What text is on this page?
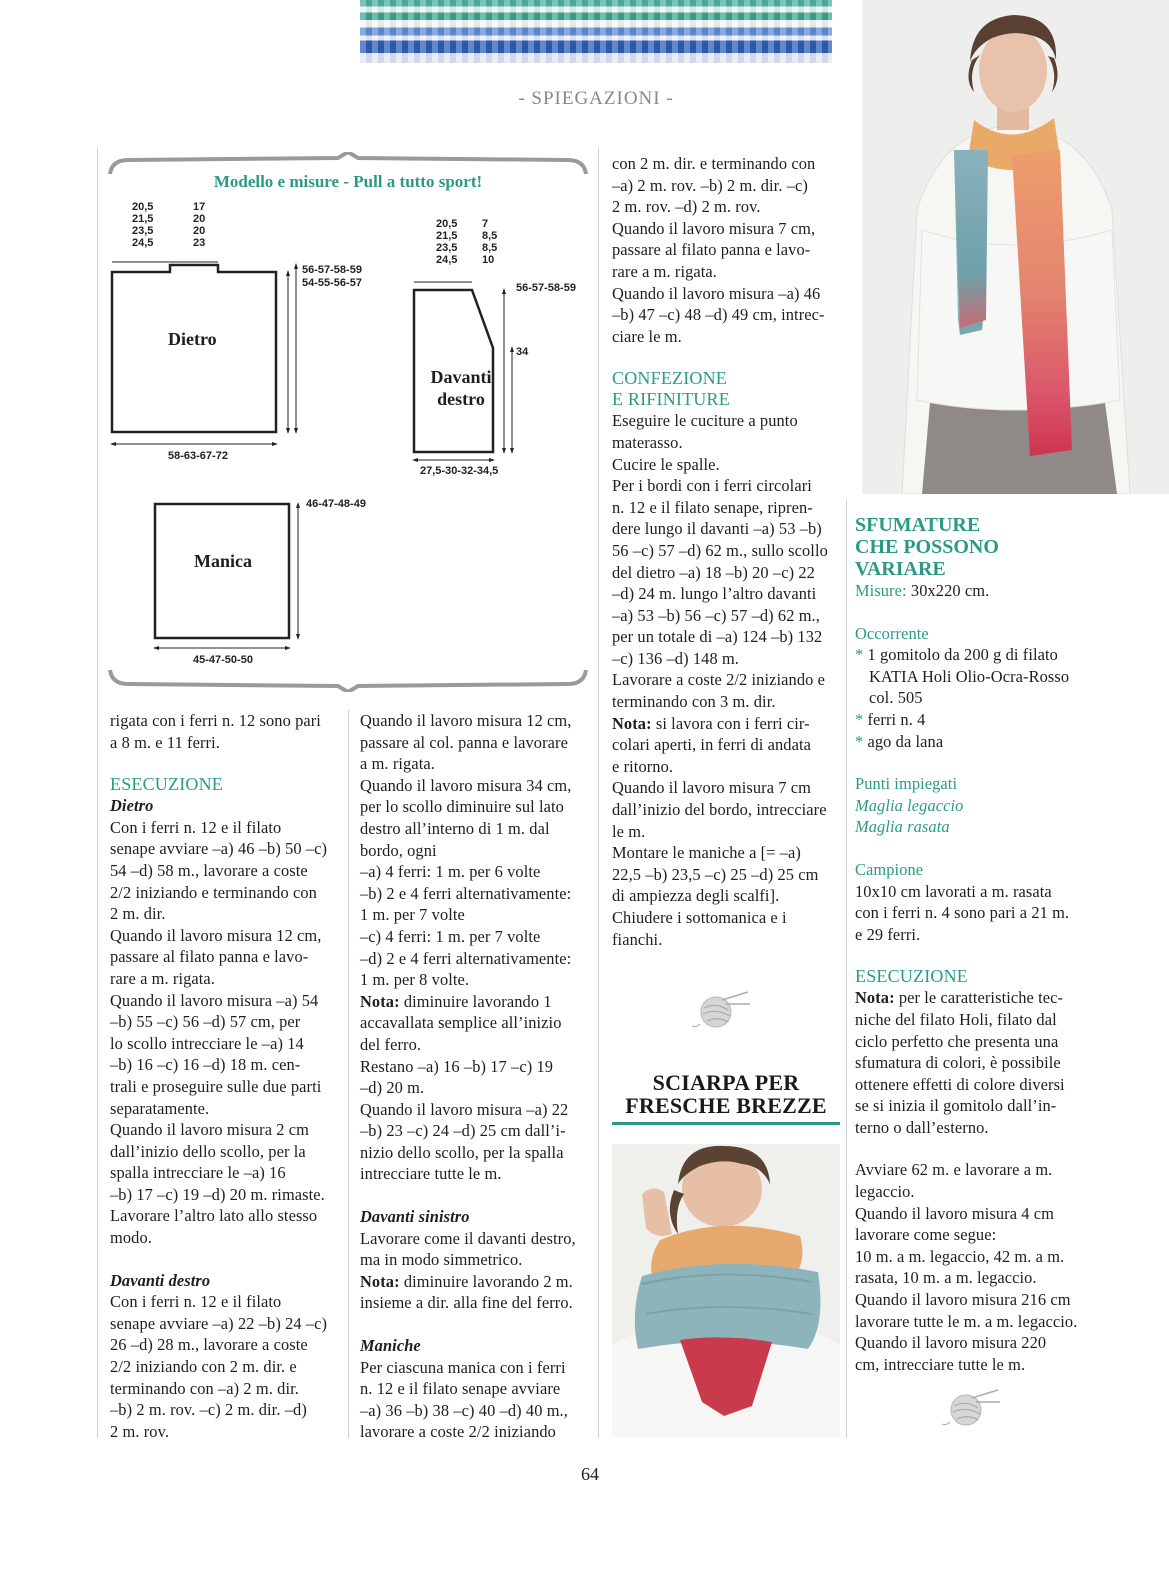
- SPIEGAZIONI -
Modello e misure - Pull a tutto sport!
20,5
21,5
23,5
24,5
17
20
20
23
56-57-58-59
54-55-56-57
Dietro
58-63-67-72
20,5
21,5
23,5
24,5
7
8,5
8,5
10
56-57-58-59
34
Davanti
destro
27,5-30-32-34,5
46-47-48-49
Manica
45-47-50-50

rigata con i ferri n. 12 sono pari

a 8 m. e 11 ferri.

ESECUZIONE

Dietro

Con i ferri n. 12 e il filato

senape avviare –a) 46 –b) 50 –c)

54 –d) 58 m., lavorare a coste

2/2 iniziando e terminando con

2 m. dir.

Quando il lavoro misura 12 cm,

passare al filato panna e lavo-

rare a m. rigata.

Quando il lavoro misura –a) 54

–b) 55 –c) 56 –d) 57 cm, per

lo scollo intrecciare le –a) 14

–b) 16 –c) 16 –d) 18 m. cen-

trali e proseguire sulle due parti

separatamente.

Quando il lavoro misura 2 cm

dall’inizio dello scollo, per la

spalla intrecciare le –a) 16

–b) 17 –c) 19 –d) 20 m. rimaste.

Lavorare l’altro lato allo stesso

modo.

Davanti destro

Con i ferri n. 12 e il filato

senape avviare –a) 22 –b) 24 –c)

26 –d) 28 m., lavorare a coste

2/2 iniziando con 2 m. dir. e

terminando con –a) 2 m. dir.

–b) 2 m. rov. –c) 2 m. dir. –d)

2 m. rov.

Quando il lavoro misura 12 cm,

passare al col. panna e lavorare

a m. rigata.

Quando il lavoro misura 34 cm,

per lo scollo diminuire sul lato

destro all’interno di 1 m. dal

bordo, ogni

–a) 4 ferri: 1 m. per 6 volte

–b) 2 e 4 ferri alternativamente:

1 m. per 7 volte

–c) 4 ferri: 1 m. per 7 volte

–d) 2 e 4 ferri alternativamente:

1 m. per 8 volte.

Nota: diminuire lavorando 1

accavallata semplice all’inizio

del ferro.

Restano –a) 16 –b) 17 –c) 19

–d) 20 m.

Quando il lavoro misura –a) 22

–b) 23 –c) 24 –d) 25 cm dall’i-

nizio dello scollo, per la spalla

intrecciare tutte le m.

Davanti sinistro

Lavorare come il davanti destro,

ma in modo simmetrico.

Nota: diminuire lavorando 2 m.

insieme a dir. alla fine del ferro.

Maniche

Per ciascuna manica con i ferri

n. 12 e il filato senape avviare

–a) 36 –b) 38 –c) 40 –d) 40 m.,

lavorare a coste 2/2 iniziando

con 2 m. dir. e terminando con

–a) 2 m. rov. –b) 2 m. dir. –c)

2 m. rov. –d) 2 m. rov.

Quando il lavoro misura 7 cm,

passare al filato panna e lavo-

rare a m. rigata.

Quando il lavoro misura –a) 46

–b) 47 –c) 48 –d) 49 cm, intrec-

ciare le m.

CONFEZIONE

E RIFINITURE

Eseguire le cuciture a punto

materasso.

Cucire le spalle.

Per i bordi con i ferri circolari

n. 12 e il filato senape, ripren-

dere lungo il davanti –a) 53 –b)

56 –c) 57 –d) 62 m., sullo scollo

del dietro –a) 18 –b) 20 –c) 22

–d) 24 m. lungo l’altro davanti

–a) 53 –b) 56 –c) 57 –d) 62 m.,

per un totale di –a) 124 –b) 132

–c) 136 –d) 148 m.

Lavorare a coste 2/2 iniziando e

terminando con 3 m. dir.

Nota: si lavora con i ferri cir-

colari aperti, in ferri di andata

e ritorno.

Quando il lavoro misura 7 cm

dall’inizio del bordo, intrecciare

le m.

Montare le maniche a [= –a)

22,5 –b) 23,5 –c) 25 –d) 25 cm

di ampiezza degli scalfi].

Chiudere i sottomanica e i

fianchi.

SCIARPA PER
FRESCHE BREZZE
SFUMATURE
CHE POSSONO VARIARE

Misure: 30x220 cm.

Occorrente

* 1 gomitolo da 200 g di filato

KATIA Holi Olio-Ocra-Rosso

col. 505

* ferri n. 4

* ago da lana

Punti impiegati

Maglia legaccio

Maglia rasata

Campione

10x10 cm lavorati a m. rasata

con i ferri n. 4 sono pari a 21 m.

e 29 ferri.

ESECUZIONE

Nota: per le caratteristiche tec-

niche del filato Holi, filato dal

ciclo perfetto che presenta una

sfumatura di colori, è possibile

ottenere effetti di colore diversi

se si inizia il gomitolo dall’in-

terno o dall’esterno.

Avviare 62 m. e lavorare a m.

legaccio.

Quando il lavoro misura 4 cm

lavorare come segue:

10 m. a m. legaccio, 42 m. a m.

rasata, 10 m. a m. legaccio.

Quando il lavoro misura 216 cm

lavorare tutte le m. a m. legaccio.

Quando il lavoro misura 220

cm, intrecciare tutte le m.

64
